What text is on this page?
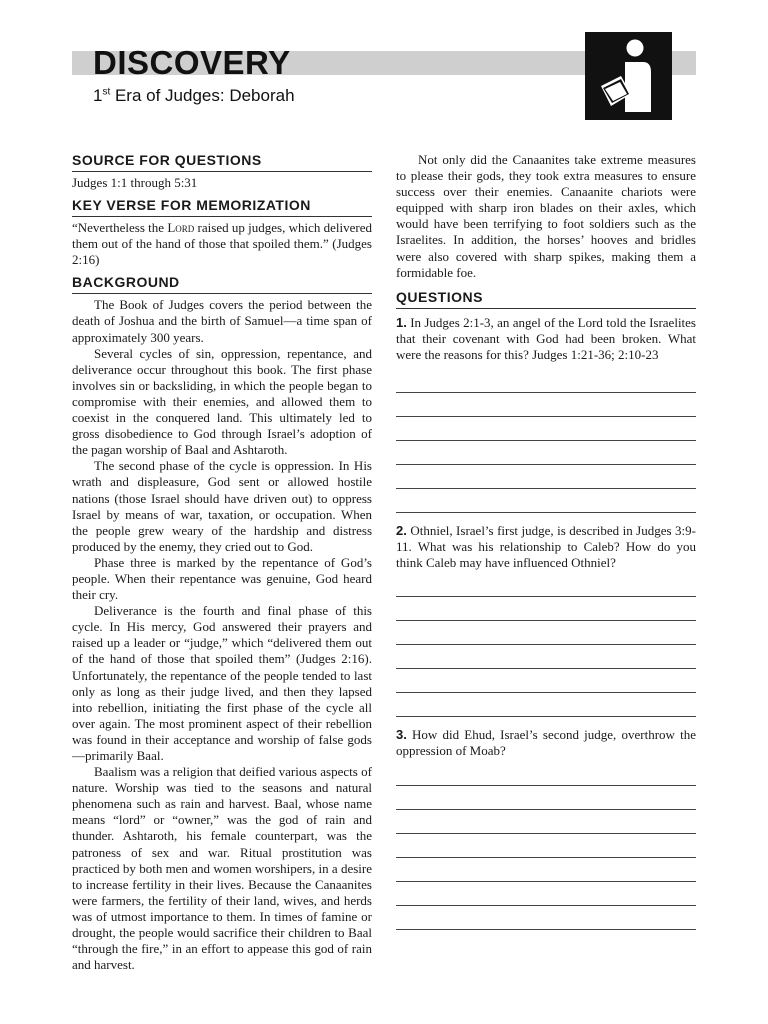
DISCOVERY
1st Era of Judges: Deborah
SOURCE FOR QUESTIONS

Judges 1:1 through 5:31

KEY VERSE FOR MEMORIZATION

“Nevertheless the Lord raised up judges, which delivered them out of the hand of those that spoiled them.” (Judges 2:16)

BACKGROUND

The Book of Judges covers the period between the death of Joshua and the birth of Samuel—a time span of approximately 300 years.

Several cycles of sin, oppression, repentance, and deliverance occur throughout this book. The first phase involves sin or backsliding, in which the people began to compromise with their enemies, and allowed them to coexist in the conquered land. This ultimately led to gross disobedience to God through Israel’s adoption of the pagan worship of Baal and Ashtaroth.

The second phase of the cycle is oppression. In His wrath and displeasure, God sent or allowed hostile nations (those Israel should have driven out) to oppress Israel by means of war, taxation, or occupation. When the people grew weary of the hardship and distress produced by the enemy, they cried out to God.

Phase three is marked by the repentance of God’s people. When their repentance was genuine, God heard their cry.

Deliverance is the fourth and final phase of this cycle. In His mercy, God answered their prayers and raised up a leader or “judge,” which “delivered them out of the hand of those that spoiled them” (Judges 2:16). Unfortunately, the repentance of the people tended to last only as long as their judge lived, and then they lapsed into rebellion, initiating the first phase of the cycle all over again. The most prominent aspect of their rebellion was found in their acceptance and worship of false gods—primarily Baal.

Baalism was a religion that deified various aspects of nature. Worship was tied to the seasons and natural phenomena such as rain and harvest. Baal, whose name means “lord” or “owner,” was the god of rain and thunder. Ashtaroth, his female counterpart, was the patroness of sex and war. Ritual prostitution was practiced by both men and women worshipers, in a desire to increase fertility in their lives. Because the Canaanites were farmers, the fertility of their land, wives, and herds was of utmost importance to them. In times of famine or drought, the people would sacrifice their children to Baal “through the fire,” in an effort to appease this god of rain and harvest.

Not only did the Canaanites take extreme measures to please their gods, they took extra measures to ensure success over their enemies. Canaanite chariots were equipped with sharp iron blades on their axles, which would have been terrifying to foot soldiers such as the Israelites. In addition, the horses’ hooves and bridles were also covered with sharp spikes, making them a formidable foe.

QUESTIONS

1. In Judges 2:1-3, an angel of the Lord told the Israelites that their covenant with God had been broken. What were the reasons for this? Judges 1:21-36; 2:10-23

2. Othniel, Israel’s first judge, is described in Judges 3:9-11. What was his relationship to Caleb? How do you think Caleb may have influenced Othniel?

3. How did Ehud, Israel’s second judge, overthrow the oppression of Moab?
